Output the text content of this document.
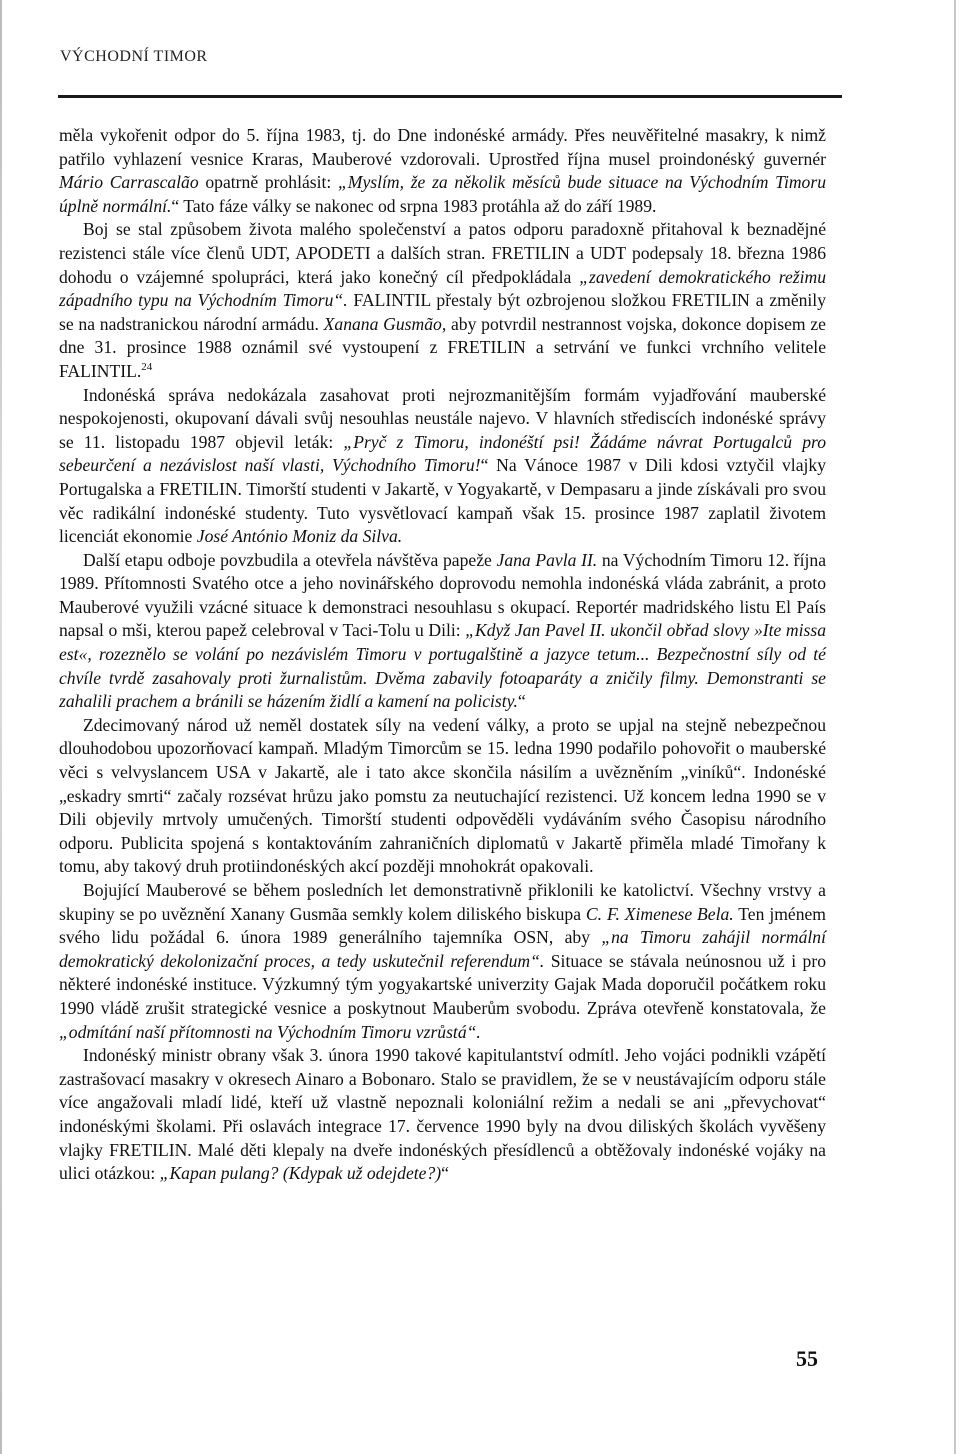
VÝCHODNÍ TIMOR

měla vykořenit odpor do 5. října 1983, tj. do Dne indonéské armády. Přes neuvěřitelné masakry, k nimž patřilo vyhlazení vesnice Kraras, Mauberové vzdorovali. Uprostřed října musel proindonéský guvernér Mário Carrascalão opatrně prohlásit: „Myslím, že za několik měsíců bude situace na Východním Timoru úplně normální.“ Tato fáze války se nakonec od srpna 1983 protáhla až do září 1989.

Boj se stal způsobem života malého společenství a patos odporu paradoxně přitahoval k beznadějné rezistenci stále více členů UDT, APODETI a dalších stran. FRETILIN a UDT podepsaly 18. března 1986 dohodu o vzájemné spolupráci, která jako konečný cíl předpokládala „zavedení demokratického režimu západního typu na Východním Timoru“. FALINTIL přestaly být ozbrojenou složkou FRETILIN a změnily se na nadstranickou národní armádu. Xanana Gusmão, aby potvrdil nestrannost vojska, dokonce dopisem ze dne 31. prosince 1988 oznámil své vystoupení z FRETILIN a setrvání ve funkci vrchního velitele FALINTIL.$^{24}$

Indonéská správa nedokázala zasahovat proti nejrozmanitějším formám vyjadřování mauberské nespokojenosti, okupovaní dávali svůj nesouhlas neustále najevo. V hlavních střediscích indonéské správy se 11. listopadu 1987 objevil leták: „Pryč z Timoru, indonéští psi! Žádáme návrat Portugalců pro sebeurčení a nezávislost naší vlasti, Východního Timoru!“ Na Vánoce 1987 v Dili kdosi vztyčil vlajky Portugalska a FRETILIN. Timorští studenti v Jakartě, v Yogyakartě, v Dempasaru a jinde získávali pro svou věc radikální indonéské studenty. Tuto vysvětlovací kampaň však 15. prosince 1987 zaplatil životem licenciát ekonomie José António Moniz da Silva.

Další etapu odboje povzbudila a otevřela návštěva papeže Jana Pavla II. na Východním Timoru 12. října 1989. Přítomnosti Svatého otce a jeho novinářského doprovodu nemohla indonéská vláda zabránit, a proto Mauberové využili vzácné situace k demonstraci nesouhlasu s okupací. Reportér madridského listu El País napsal o mši, kterou papež celebroval v Taci-Tolu u Dili: „Když Jan Pavel II. ukončil obřad slovy »Ite missa est«, rozeznělo se volání po nezávislém Timoru v portugalštině a jazyce tetum... Bezpečnostní síly od té chvíle tvrdě zasahovaly proti žurnalistům. Dvěma zabavily fotoaparáty a zničily filmy. Demonstranti se zahalili prachem a bránili se házením židlí a kamení na policisty.“

Zdecimovaný národ už neměl dostatek síly na vedení války, a proto se upjal na stejně nebezpečnou dlouhodobou upozorňovací kampaň. Mladým Timorcům se 15. ledna 1990 podařilo pohovořit o mauberské věci s velvyslancem USA v Jakartě, ale i tato akce skončila násilím a uvězněním „viníků“. Indonéské „eskadry smrti“ začaly rozsévat hrůzu jako pomstu za neutuchající rezistenci. Už koncem ledna 1990 se v Dili objevily mrtvoly umučených. Timorští studenti odpověděli vydáváním svého Časopisu národního odporu. Publicita spojená s kontaktováním zahraničních diplomatů v Jakartě přiměla mladé Timořany k tomu, aby takový druh protiindonéských akcí později mnohokrát opakovali.

Bojující Mauberové se během posledních let demonstrativně přiklonili ke katolictví. Všechny vrstvy a skupiny se po uvěznění Xanany Gusmãa semkly kolem diliského biskupa C. F. Ximenese Bela. Ten jménem svého lidu požádal 6. února 1989 generálního tajemníka OSN, aby „na Timoru zahájil normální demokratický dekolonizační proces, a tedy uskutečnil referendum“. Situace se stávala neúnosnou už i pro některé indonéské instituce. Výzkumný tým yogyakartské univerzity Gajak Mada doporučil počátkem roku 1990 vládě zrušit strategické vesnice a poskytnout Mauberům svobodu. Zpráva otevřeně konstatovala, že „odmítání naší přítomnosti na Východním Timoru vzrůstá“.

Indonéský ministr obrany však 3. února 1990 takové kapitulantství odmítl. Jeho vojáci podnikli vzápětí zastrašovací masakry v okresech Ainaro a Bobonaro. Stalo se pravidlem, že se v neustávajícím odporu stále více angažovali mladí lidé, kteří už vlastně nepoznali koloniální režim a nedali se ani „převychovat“ indonéskými školami. Při oslavách integrace 17. července 1990 byly na dvou diliských školách vyvěšeny vlajky FRETILIN. Malé děti klepaly na dveře indonéských přesídlenců a obtěžovaly indonéské vojáky na ulici otázkou: „Kapan pulang? (Kdypak už odejdete?)“

55
